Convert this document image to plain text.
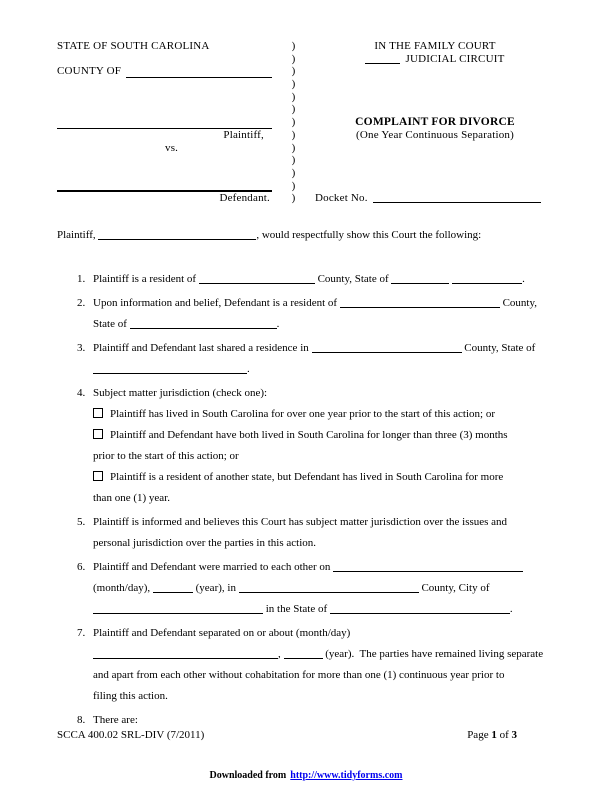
STATE OF SOUTH CAROLINA	IN THE FAMILY COURT
JUDICIAL CIRCUIT
COUNTY OF
COMPLAINT FOR DIVORCE
Plaintiff,	(One Year Continuous Separation)
vs.
Defendant.	Docket No.
)
)
)
)
)
)
)
)
)
)
)
)
)
Plaintiff,	, would respectfully show this Court the following:
1. Plaintiff is a resident of	County, State of	.
2. Upon information and belief, Defendant is a resident of	County,
State of	.
3. Plaintiff and Defendant last shared a residence in	County, State of
.
4. Subject matter jurisdiction (check one):
Plaintiff has lived in South Carolina for over one year prior to the start of this action; or
Plaintiff and Defendant have both lived in South Carolina for longer than three (3) months
prior to the start of this action; or
Plaintiff is a resident of another state, but Defendant has lived in South Carolina for more
than one (1) year.
5. Plaintiff is informed and believes this Court has subject matter jurisdiction over the issues and
personal jurisdiction over the parties in this action.
6. Plaintiff and Defendant were married to each other on
(month/day),	(year), in	County, City of
in the State of	.
7. Plaintiff and Defendant separated on or about (month/day)
,	(year).  The parties have remained living separate
and apart from each other without cohabitation for more than one (1) continuous year prior to
filing this action.
8. There are:
SCCA 400.02 SRL-DIV (7/2011)	Page 1 of 3
Downloaded from http://www.tidyforms.com
